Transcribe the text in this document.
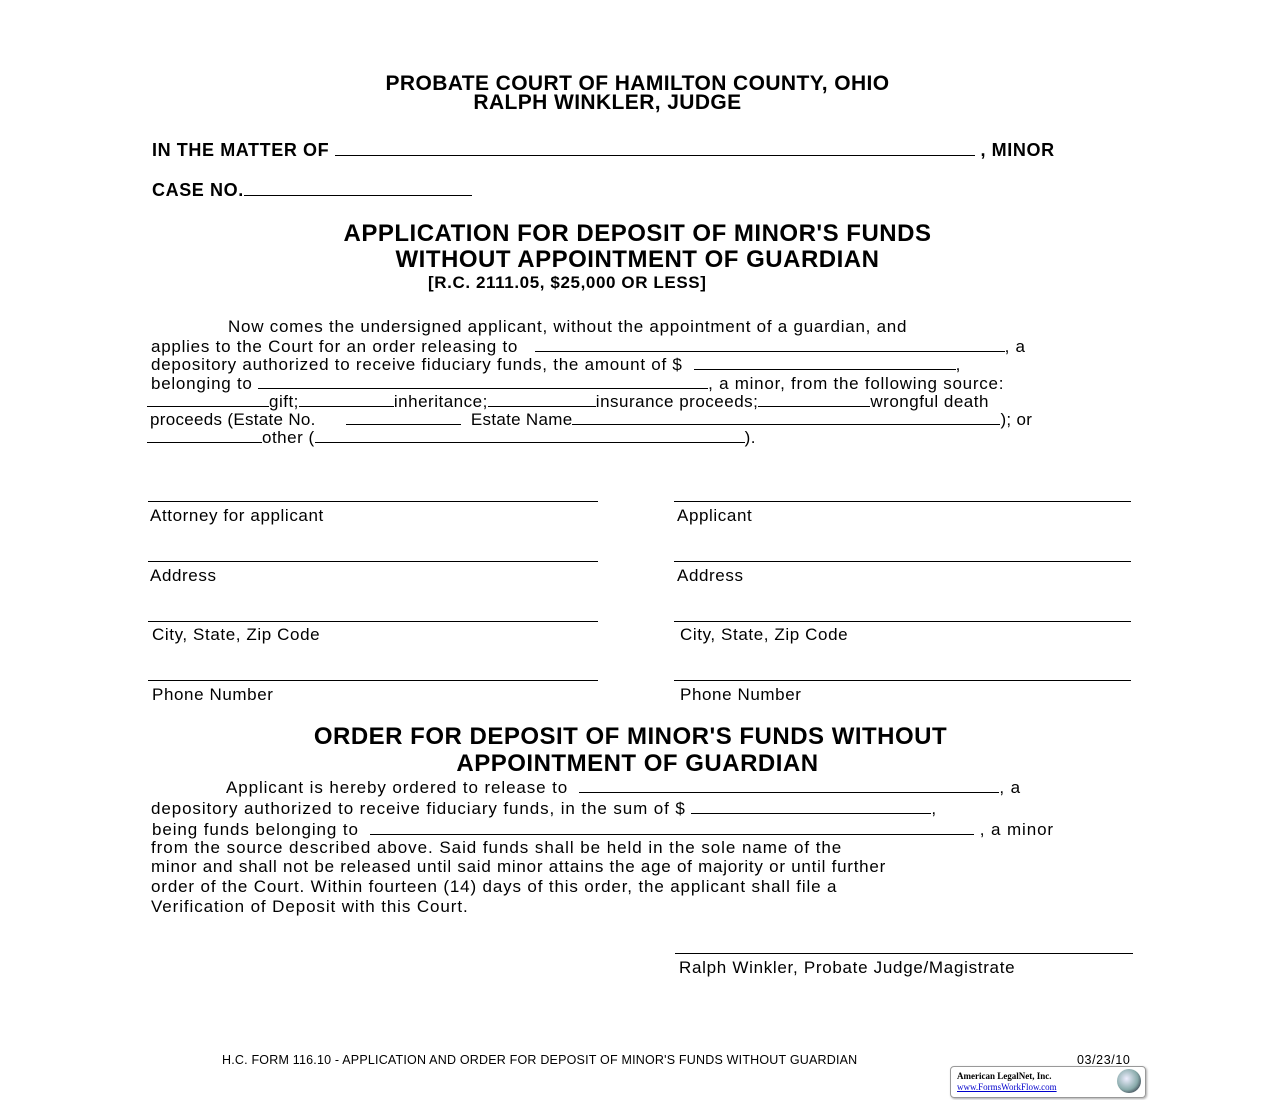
PROBATE COURT OF HAMILTON COUNTY, OHIO
RALPH WINKLER, JUDGE
IN THE MATTER OF	, MINOR
CASE NO.
APPLICATION FOR DEPOSIT OF MINOR'S FUNDS
WITHOUT APPOINTMENT OF GUARDIAN
[R.C. 2111.05, $25,000 OR LESS]
Now comes the undersigned applicant, without the appointment of a guardian, and
applies to the Court for an order releasing to	, a
depository authorized to receive fiduciary funds, the amount of $	,
belonging to	, a minor, from the following source:
gift;	inheritance;	insurance proceeds;	wrongful death
proceeds (Estate No.	Estate Name	); or
other (	).
Attorney for applicant
Address
City, State, Zip Code
Phone Number
Applicant
Address
City, State, Zip Code
Phone Number
ORDER FOR DEPOSIT OF MINOR'S FUNDS WITHOUT
APPOINTMENT OF GUARDIAN
Applicant is hereby ordered to release to	, a
depository authorized to receive fiduciary funds, in the sum of $	,
being funds belonging to	, a minor
from the source described above. Said funds shall be held in the sole name of the
minor and shall not be released until said minor attains the age of majority or until further
order of the Court. Within fourteen (14) days of this order, the applicant shall file a
Verification of Deposit with this Court.
Ralph Winkler, Probate Judge/Magistrate
H.C. FORM 116.10 - APPLICATION AND ORDER FOR DEPOSIT OF MINOR'S FUNDS WITHOUT GUARDIAN	03/23/10
American LegalNet, Inc.
www.FormsWorkFlow.com
